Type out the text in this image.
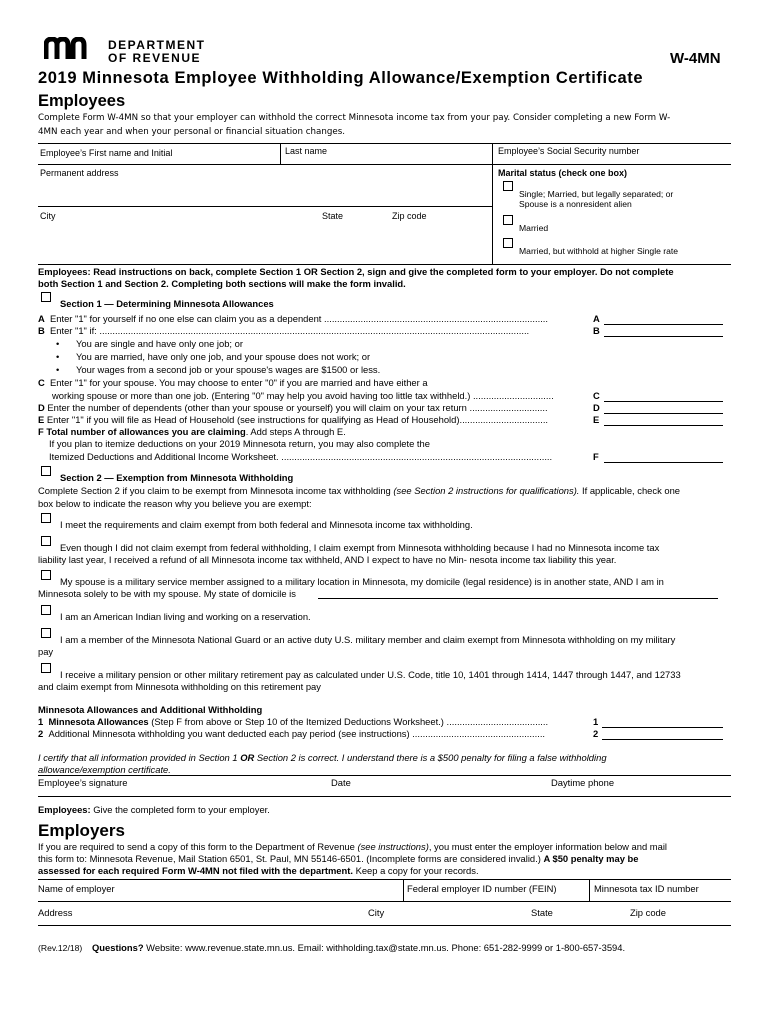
DEPARTMENT
OF REVENUE	W-4MN
2019 Minnesota Employee Withholding Allowance/Exemption Certificate
Employees
Complete Form W-4MN so that your employer can withhold the correct Minnesota income tax from your pay. Consider completing a new Form W-
4MN each year and when your personal or financial situation changes.
Employee’s First name and Initial	Last name	Employee’s Social Security number
Permanent address	Marital status (check one box)
City	State	Zip code
Single; Married, but legally separated; or
Spouse is a nonresident alien
Married
Married, but withhold at higher Single rate
Employees: Read instructions on back, complete Section 1 OR Section 2, sign and give the completed form to your employer. Do not complete
both Section 1 and Section 2. Completing both sections will make the form invalid.
Section 1 — Determining Minnesota Allowances
A Enter "1" for yourself if no one else can claim you as a dependent ......................................................................................	A
B Enter "1" if: .....................................................................................................................................................................	B
• You are single and have only one job; or
• You are married, have only one job, and your spouse does not work; or
• Your wages from a second job or your spouse's wages are $1500 or less.
C Enter "1" for your spouse. You may choose to enter "0" if you are married and have either a
working spouse or more than one job. (Entering "0" may help you avoid having too little tax withheld.) ...............................	C
D Enter the number of dependents (other than your spouse or yourself) you will claim on your tax return ..............................	D
E Enter "1" if you will file as Head of Household (see instructions for qualifying as Head of Household)..................................	E
F Total number of allowances you are claiming. Add steps A through E.
If you plan to itemize deductions on your 2019 Minnesota return, you may also complete the
Itemized Deductions and Additional Income Worksheet. ........................................................................................................	F
Section 2 — Exemption from Minnesota Withholding
Complete Section 2 if you claim to be exempt from Minnesota income tax withholding (see Section 2 instructions for qualifications). If applicable, check one
box below to indicate the reason why you believe you are exempt:
I meet the requirements and claim exempt from both federal and Minnesota income tax withholding.
Even though I did not claim exempt from federal withholding, I claim exempt from Minnesota withholding because I had no Minnesota income tax
liability last year, I received a refund of all Minnesota income tax withheld, AND I expect to have no Min- nesota income tax liability this year.
My spouse is a military service member assigned to a military location in Minnesota, my domicile (legal residence) is in another state, AND I am in
Minnesota solely to be with my spouse. My state of domicile is
I am an American Indian living and working on a reservation.
I am a member of the Minnesota National Guard or an active duty U.S. military member and claim exempt from Minnesota withholding on my military
pay
I receive a military pension or other military retirement pay as calculated under U.S. Code, title 10, 1401 through 1414, 1447 through 1447, and 12733
and claim exempt from Minnesota withholding on this retirement pay
Minnesota Allowances and Additional Withholding
1 Minnesota Allowances (Step F from above or Step 10 of the Itemized Deductions Worksheet.) .......................................	1
2 Additional Minnesota withholding you want deducted each pay period (see instructions) ...................................................	2
I certify that all information provided in Section 1 OR Section 2 is correct. I understand there is a $500 penalty for filing a false withholding
allowance/exemption certificate.
Employee’s signature	Date	Daytime phone
Employees: Give the completed form to your employer.
Employers
If you are required to send a copy of this form to the Department of Revenue (see instructions), you must enter the employer information below and mail
this form to: Minnesota Revenue, Mail Station 6501, St. Paul, MN 55146-6501. (Incomplete forms are considered invalid.) A $50 penalty may be
assessed for each required Form W-4MN not filed with the department. Keep a copy for your records.
Name of employer	Federal employer ID number (FEIN)	Minnesota tax ID number
Address	City	State	Zip code
(Rev.12/18) Questions? Website: www.revenue.state.mn.us. Email: withholding.tax@state.mn.us. Phone: 651-282-9999 or 1-800-657-3594.
